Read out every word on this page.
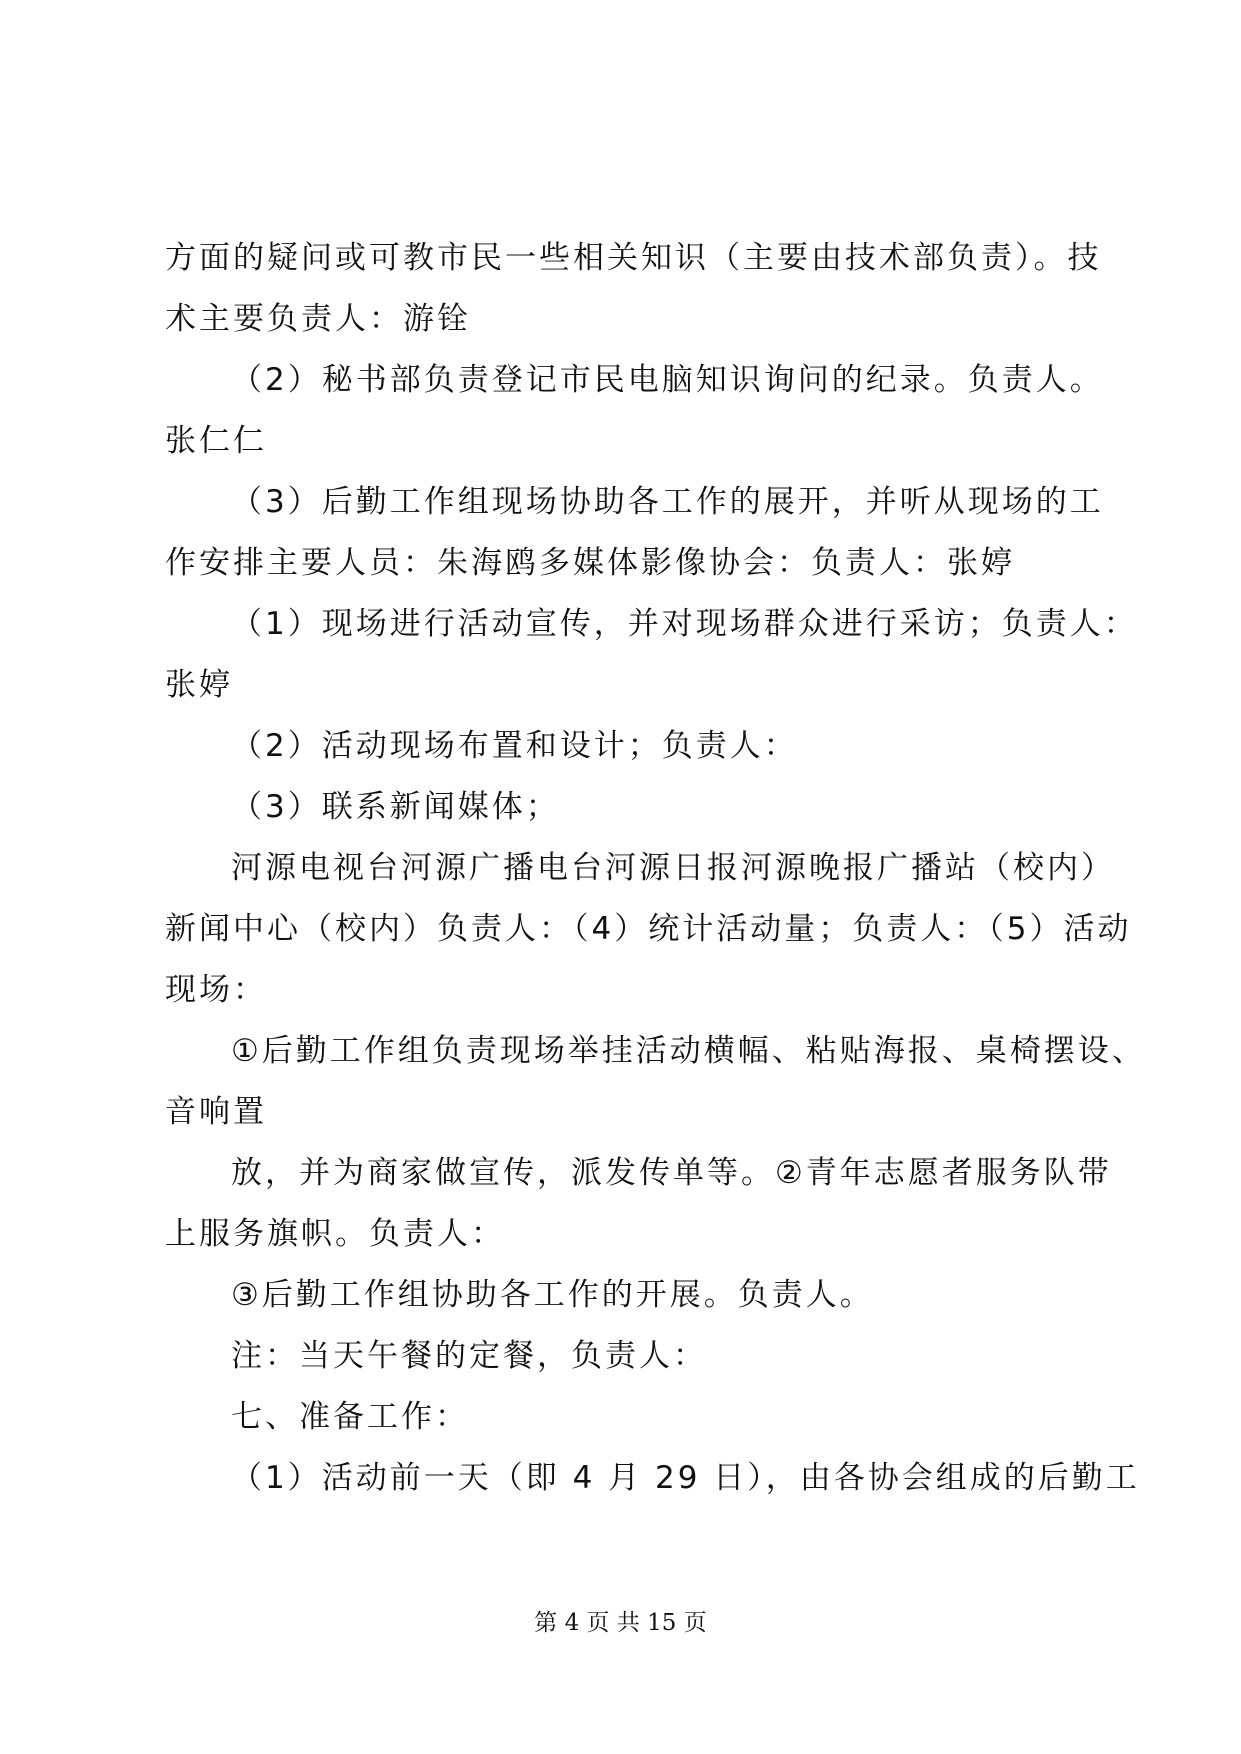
方面的疑问或可教市民一些相关知识（主要由技术部负责）。技
术主要负责人：游铨
（2）秘书部负责登记市民电脑知识询问的纪录。负责人。
张仁仁
（3）后勤工作组现场协助各工作的展开，并听从现场的工
作安排主要人员：朱海鸥多媒体影像协会：负责人：张婷
（1）现场进行活动宣传，并对现场群众进行采访；负责人：
张婷
（2）活动现场布置和设计；负责人：
（3）联系新闻媒体；
河源电视台河源广播电台河源日报河源晚报广播站（校内）
新闻中心（校内）负责人：（4）统计活动量；负责人：（5）活动
现场：
①后勤工作组负责现场举挂活动横幅、粘贴海报、桌椅摆设、
音响置
放，并为商家做宣传，派发传单等。②青年志愿者服务队带
上服务旗帜。负责人：
③后勤工作组协助各工作的开展。负责人。
注：当天午餐的定餐，负责人：
七、准备工作：
（1）活动前一天（即 4 月 29 日），由各协会组成的后勤工
第 4 页 共 15 页
